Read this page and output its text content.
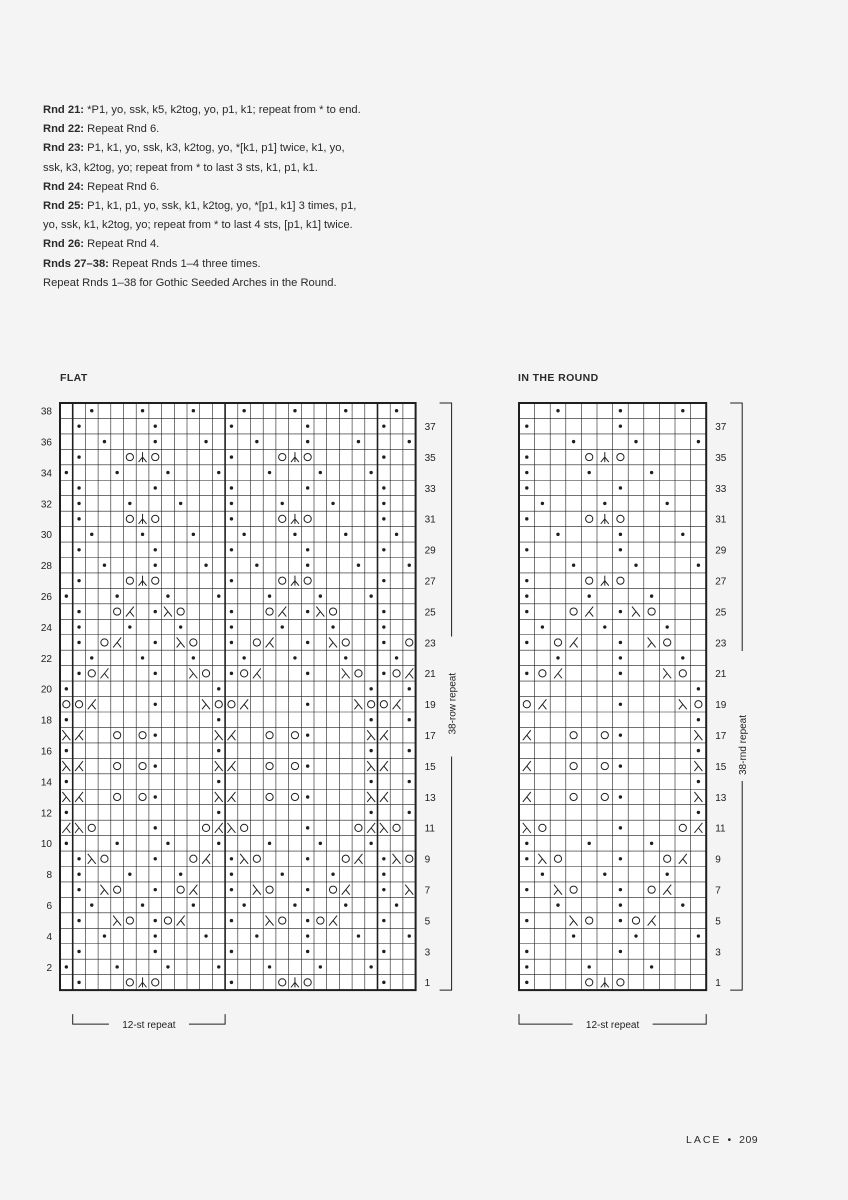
Rnd 21: *P1, yo, ssk, k5, k2tog, yo, p1, k1; repeat from * to end.

Rnd 22: Repeat Rnd 6.

Rnd 23: P1, k1, yo, ssk, k3, k2tog, yo, *[k1, p1] twice, k1, yo,

ssk, k3, k2tog, yo; repeat from * to last 3 sts, k1, p1, k1.

Rnd 24: Repeat Rnd 6.

Rnd 25: P1, k1, p1, yo, ssk, k1, k2tog, yo, *[p1, k1] 3 times, p1,

yo, ssk, k1, k2tog, yo; repeat from * to last 4 sts, [p1, k1] twice.

Rnd 26: Repeat Rnd 4.

Rnds 27–38: Repeat Rnds 1–4 three times.

Repeat Rnds 1–38 for Gothic Seeded Arches in the Round.

FLAT	IN THE ROUND
38
36
34
32
30
28
26
24
22
20
18
16
14
12
10
8
6
4
2
37
35
33
31
29
27
25
23
21
19
17
15
13
11
9
7
5
3
1
38-row repeat
12-st repeat
37
35
33
31
29
27
25
23
21
19
17
15
13
11
9
7
5
3
1
38-rnd repeat
12-st repeat
LACE • 209
